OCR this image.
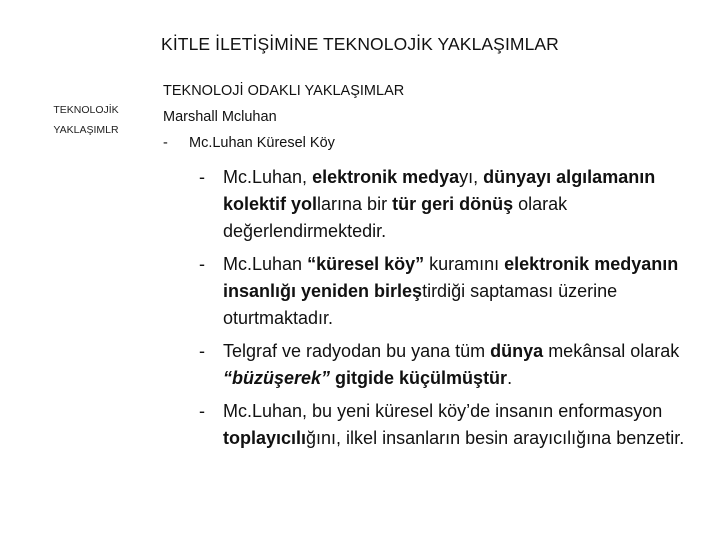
KİTLE İLETİŞİMİNE TEKNOLOJİK YAKLAŞIMLAR
TEKNOLOJİK
YAKLAŞIMLR
TEKNOLOJİ ODAKLI YAKLAŞIMLAR
Marshall Mcluhan
-	Mc.Luhan Küresel Köy
-	Mc.Luhan, elektronik medyayı, dünyayı algılamanın kolektif yollarına bir tür geri dönüş olarak değerlendirmektedir.
-	Mc.Luhan “küresel köy” kuramını elektronik medyanın insanlığı yeniden birleştirdiği saptaması üzerine oturtmaktadır.
-	Telgraf ve radyodan bu yana tüm dünya mekânsal olarak “büzüşerek” gitgide küçülmüştür.
-	Mc.Luhan, bu yeni küresel köy’de insanın enformasyon toplayıcılığını, ilkel insanların besin arayıcılığına benzetir.
